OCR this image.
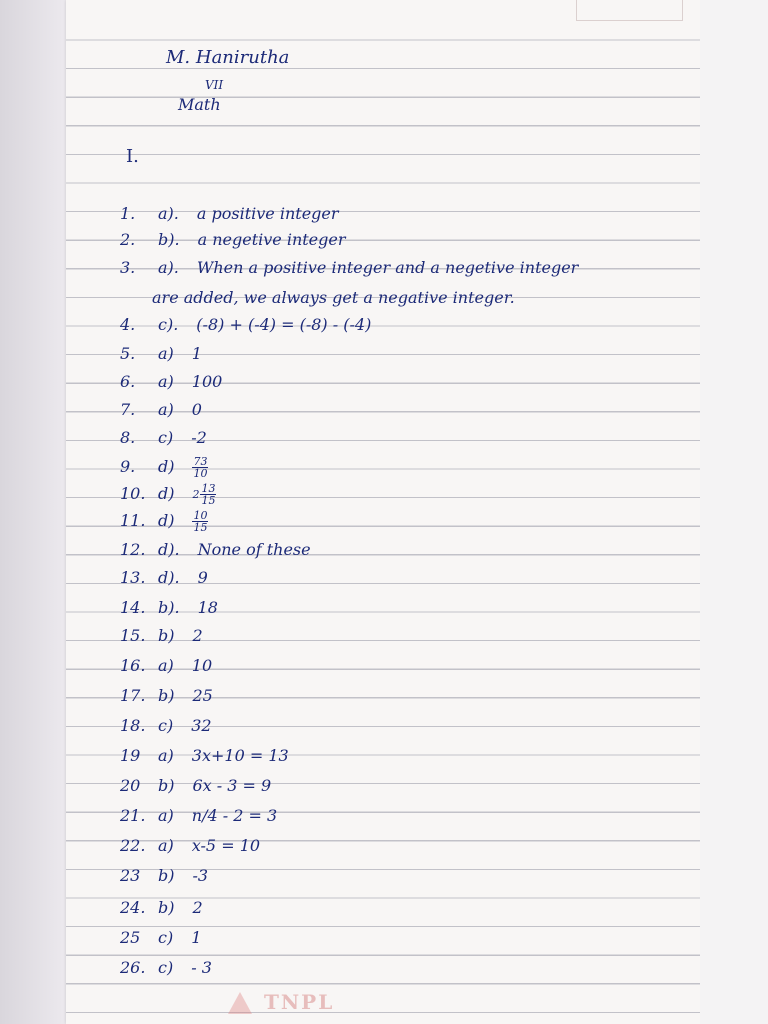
M. Hanirutha
VII
Math
I.
1. a). a positive integer
2. b). a negetive integer
3. a). When a positive integer and a negetive integer
are added, we always get a negative integer.
4. c). (-8) + (-4) = (-8) - (-4)
5. a) 1
6. a) 100
7. a) 0
8. c) -2
9. $d) \frac{73}{10}$
10. d) $2 \frac{13}{15}$
11. $d) \frac{10}{15}$
12. d). None of these
13. d). 9
14. b). 18
15. b) 2
16. a) 10
17. b) 25
18. c) 32
19 a) 3x+10 = 13
20 b) 6x - 3 = 9
21. a) n/4 - 2 = 3
22. a) x-5 = 10
23 b) -3
24. b) 2
25 c) 1
26. c) - 3
TNPL
